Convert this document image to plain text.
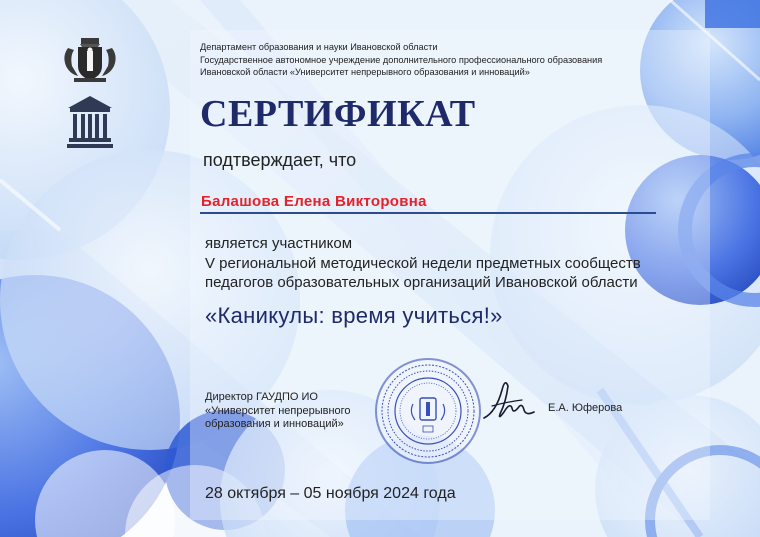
Департамент образования и науки Ивановской области
Государственное автономное учреждение дополнительного профессионального образования
Ивановской области «Университет непрерывного образования и инноваций»
СЕРТИФИКАТ
подтверждает, что
Балашова Елена Викторовна
является участником
V региональной методической недели предметных сообществ
педагогов образовательных организаций Ивановской области
«Каникулы: время учиться!»
Директор ГАУДПО ИО
«Университет непрерывного
образования и инноваций»
Е.А. Юферова
28 октября – 05 ноября 2024 года
